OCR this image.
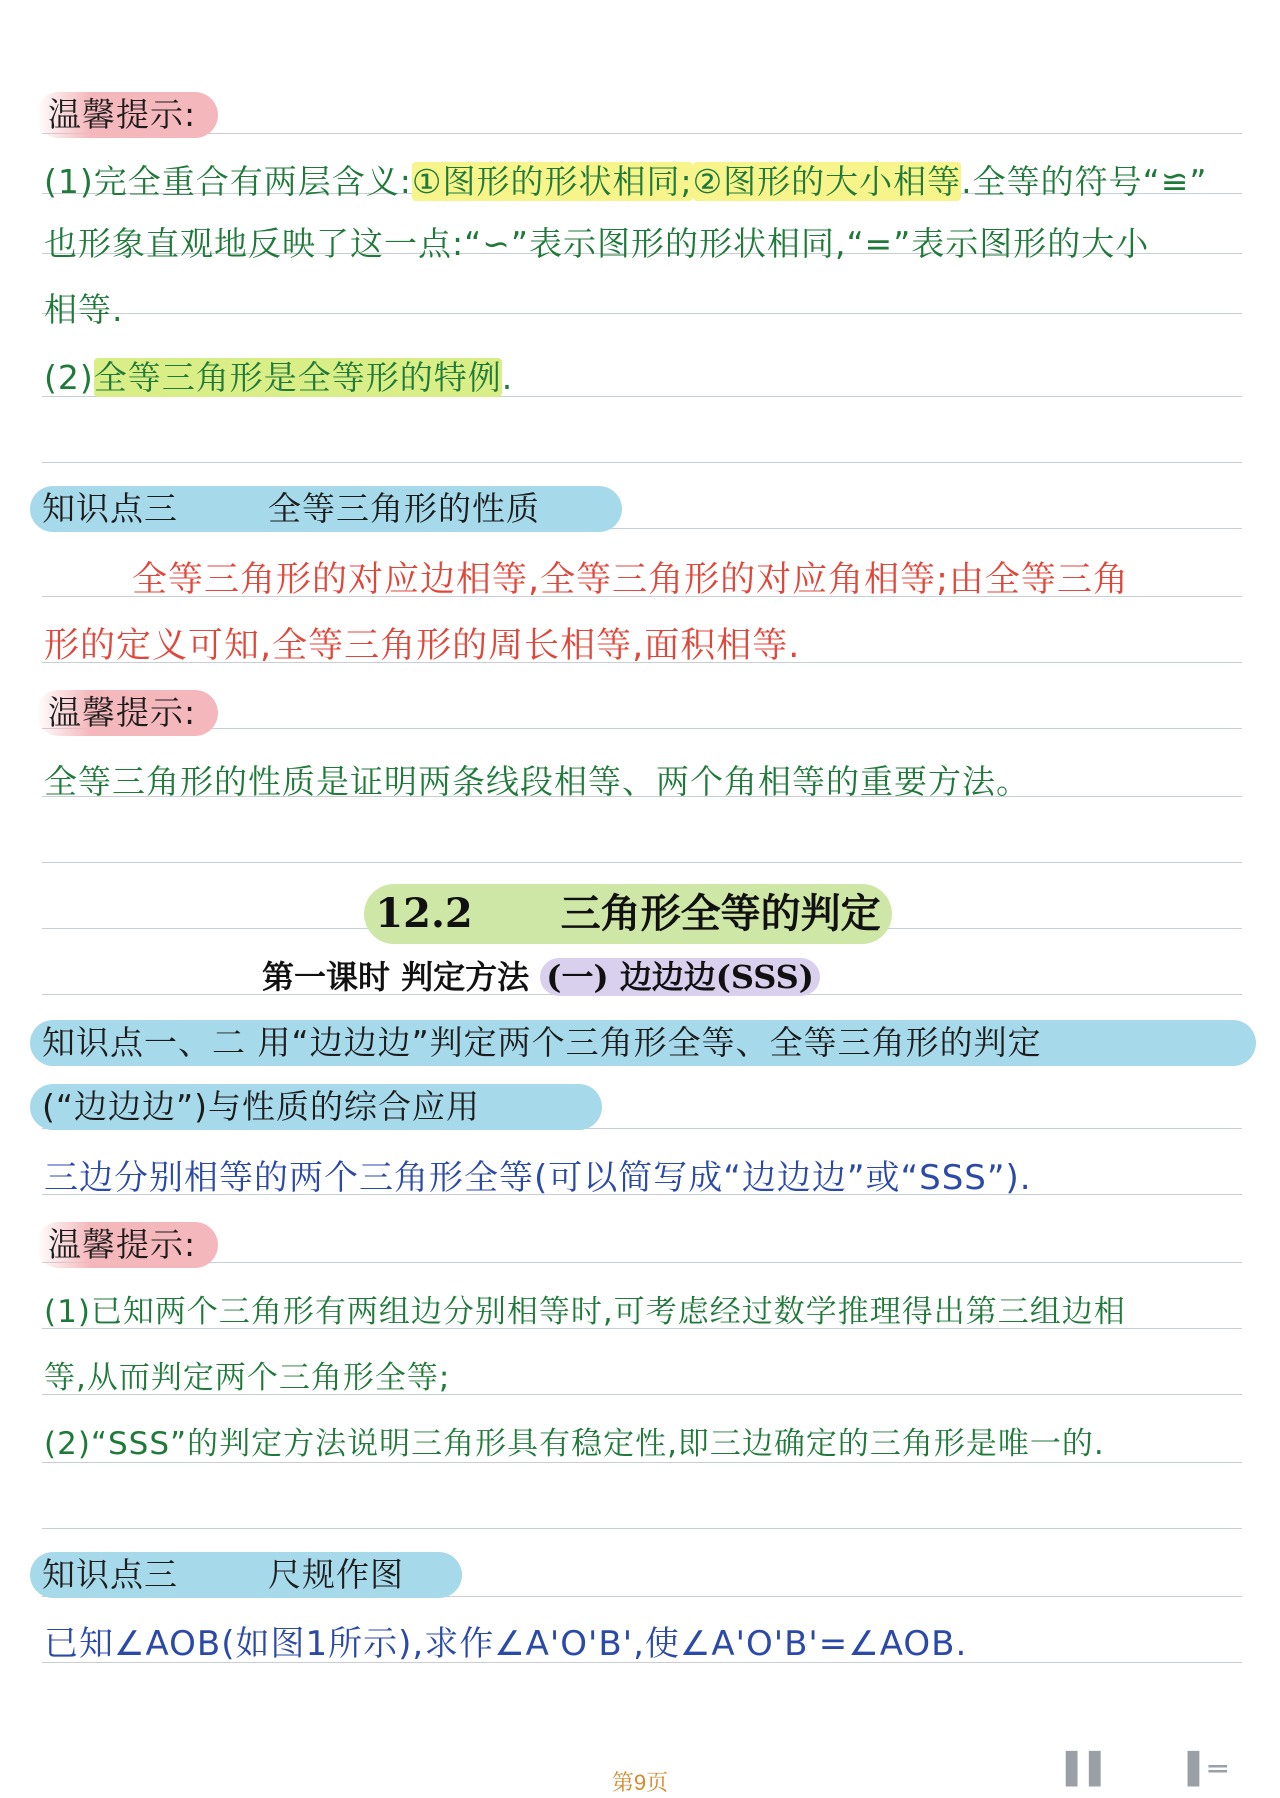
温馨提示:
(1)完全重合有两层含义:①图形的形状相同;②图形的大小相等.全等的符号“≌”
也形象直观地反映了这一点:“∽”表示图形的形状相同,“=”表示图形的大小
相等.
(2)全等三角形是全等形的特例.
知识点三	全等三角形的性质
全等三角形的对应边相等,全等三角形的对应角相等;由全等三角
形的定义可知,全等三角形的周长相等,面积相等.
温馨提示:
全等三角形的性质是证明两条线段相等、两个角相等的重要方法。
12.2 三角形全等的判定
第一课时 判定方法 (一) 边边边(SSS)
知识点一、二 用“边边边”判定两个三角形全等、全等三角形的判定
(“边边边”)与性质的综合应用
三边分别相等的两个三角形全等(可以简写成“边边边”或“SSS”).
温馨提示:
(1)已知两个三角形有两组边分别相等时,可考虑经过数学推理得出第三组边相
等,从而判定两个三角形全等;
(2)“SSS”的判定方法说明三角形具有稳定性,即三边确定的三角形是唯一的.
知识点三	尺规作图
已知∠AOB(如图1所示),求作∠A'O'B',使∠A'O'B'=∠AOB.
第9页	▌▌ ▐ ═
